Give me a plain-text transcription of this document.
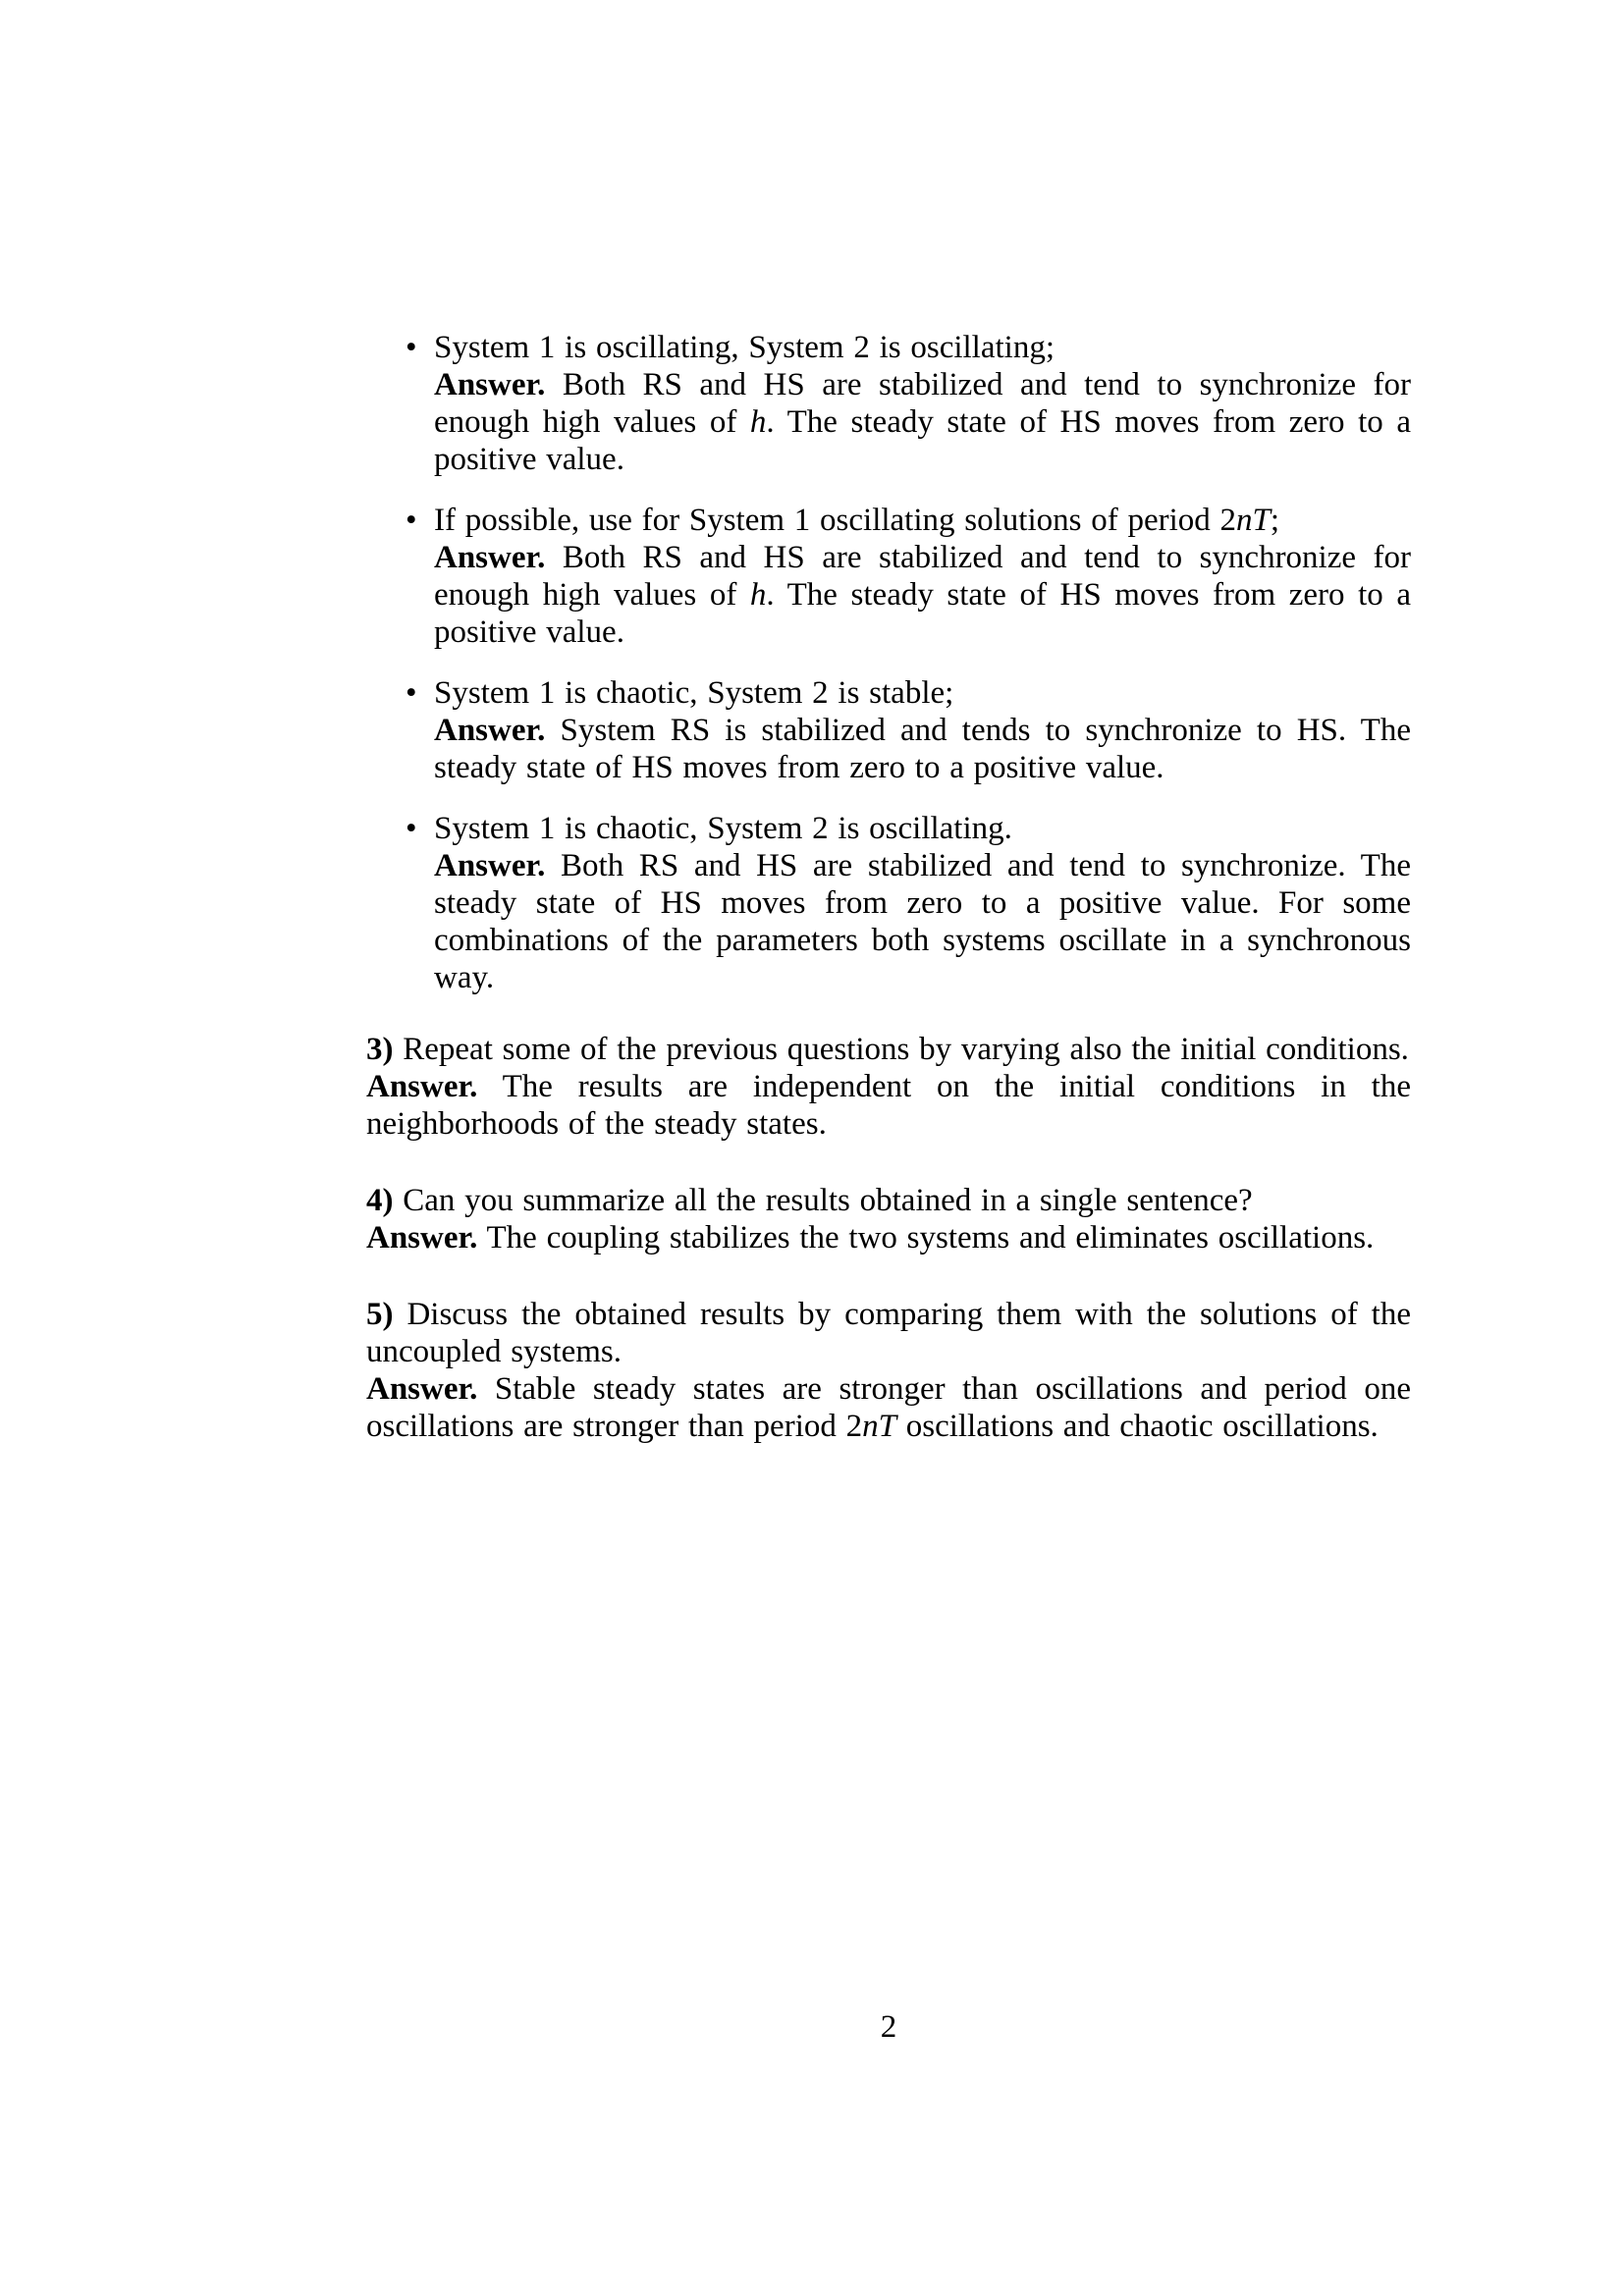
• System 1 is oscillating, System 2 is oscillating;
Answer. Both RS and HS are stabilized and tend to synchronize for enough high values of h. The steady state of HS moves from zero to a positive value.
• If possible, use for System 1 oscillating solutions of period 2nT;
Answer. Both RS and HS are stabilized and tend to synchronize for enough high values of h. The steady state of HS moves from zero to a positive value.
• System 1 is chaotic, System 2 is stable;
Answer. System RS is stabilized and tends to synchronize to HS. The steady state of HS moves from zero to a positive value.
• System 1 is chaotic, System 2 is oscillating.
Answer. Both RS and HS are stabilized and tend to synchronize. The steady state of HS moves from zero to a positive value. For some combinations of the parameters both systems oscillate in a synchronous way.
3) Repeat some of the previous questions by varying also the initial conditions.
Answer. The results are independent on the initial conditions in the neighborhoods of the steady states.
4) Can you summarize all the results obtained in a single sentence?
Answer. The coupling stabilizes the two systems and eliminates oscillations.
5) Discuss the obtained results by comparing them with the solutions of the uncoupled systems.
Answer. Stable steady states are stronger than oscillations and period one oscillations are stronger than period 2nT oscillations and chaotic oscillations.
2
